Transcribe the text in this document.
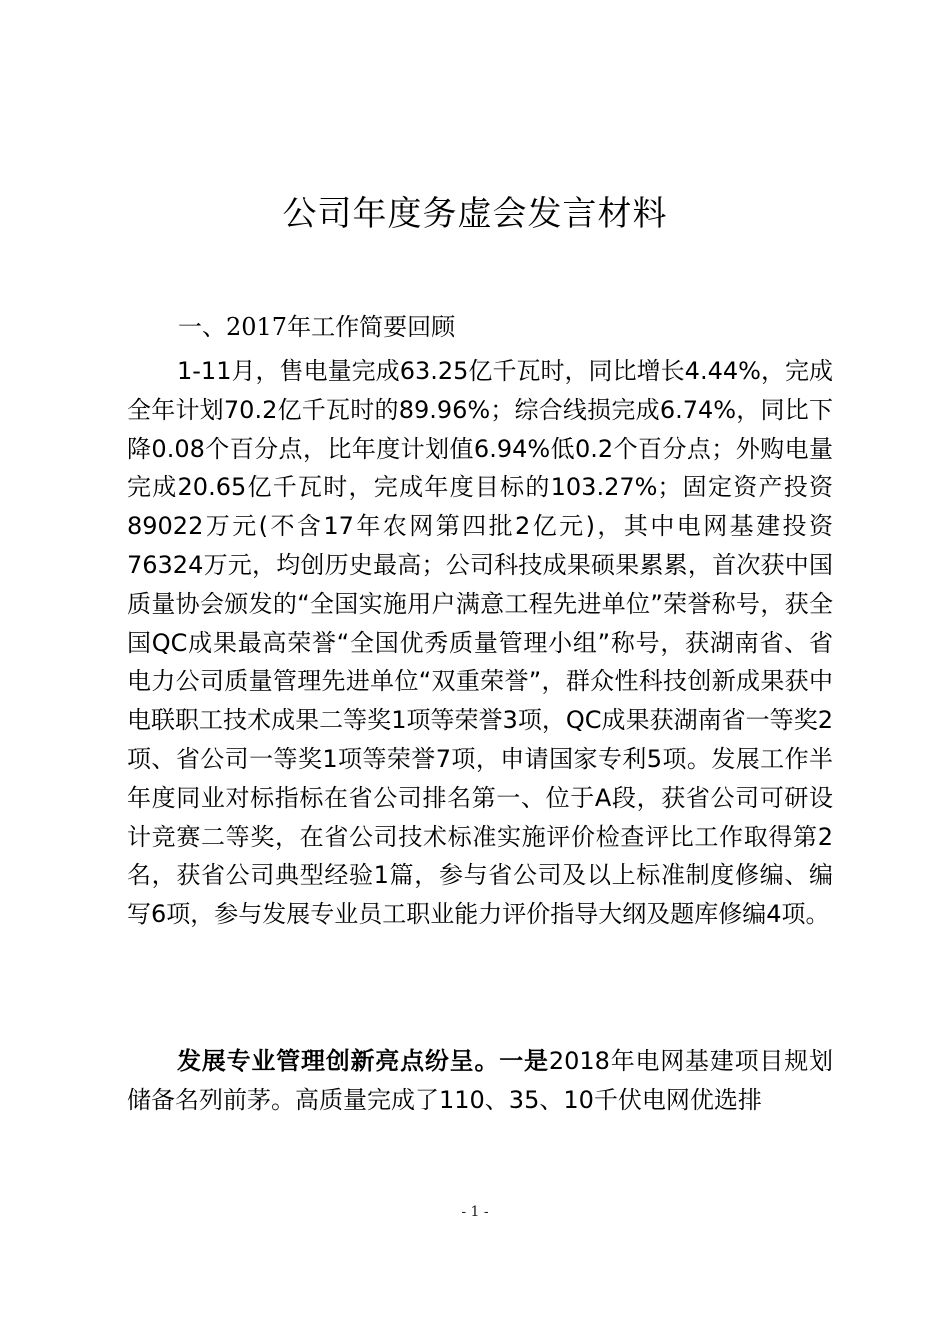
公司年度务虚会发言材料

一、2017年工作简要回顾

1-11月，售电量完成63.25亿千瓦时，同比增长4.44%，完成全年计划70.2亿千瓦时的89.96%；综合线损完成6.74%，同比下降0.08个百分点，比年度计划值6.94%低0.2个百分点；外购电量完成20.65亿千瓦时，完成年度目标的103.27%；固定资产投资89022万元(不含17年农网第四批2亿元)，其中电网基建投资76324万元，均创历史最高；公司科技成果硕果累累，首次获中国质量协会颁发的“全国实施用户满意工程先进单位”荣誉称号，获全国QC成果最高荣誉“全国优秀质量管理小组”称号，获湖南省、省电力公司质量管理先进单位“双重荣誉”，群众性科技创新成果获中电联职工技术成果二等奖1项等荣誉3项，QC成果获湖南省一等奖2项、省公司一等奖1项等荣誉7项，申请国家专利5项。发展工作半年度同业对标指标在省公司排名第一、位于A段，获省公司可研设计竞赛二等奖，在省公司技术标准实施评价检查评比工作取得第2名，获省公司典型经验1篇，参与省公司及以上标准制度修编、编写6项，参与发展专业员工职业能力评价指导大纲及题库修编4项。

发展专业管理创新亮点纷呈。一是2018年电网基建项目规划储备名列前茅。高质量完成了110、35、10千伏电网优选排

- 1 -
